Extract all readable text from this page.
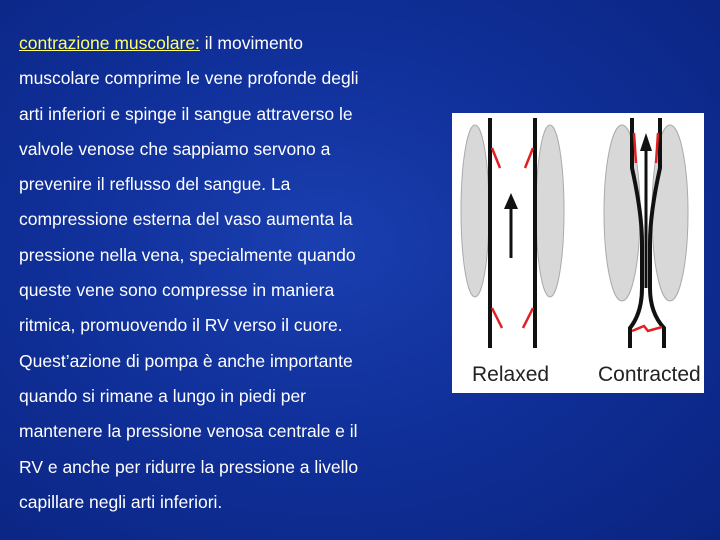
contrazione muscolare: il movimento
muscolare comprime le vene profonde degli
arti inferiori e spinge il sangue attraverso le
valvole venose che sappiamo servono a
prevenire il reflusso del sangue. La
compressione esterna del vaso aumenta la
pressione nella vena, specialmente quando
queste vene sono compresse in maniera
ritmica, promuovendo il RV verso il cuore.
Quest’azione di pompa è anche importante
quando si rimane a lungo in piedi per
mantenere la pressione venosa centrale e il
RV e anche per ridurre la pressione a livello
capillare negli arti inferiori.
Relaxed Contracted
